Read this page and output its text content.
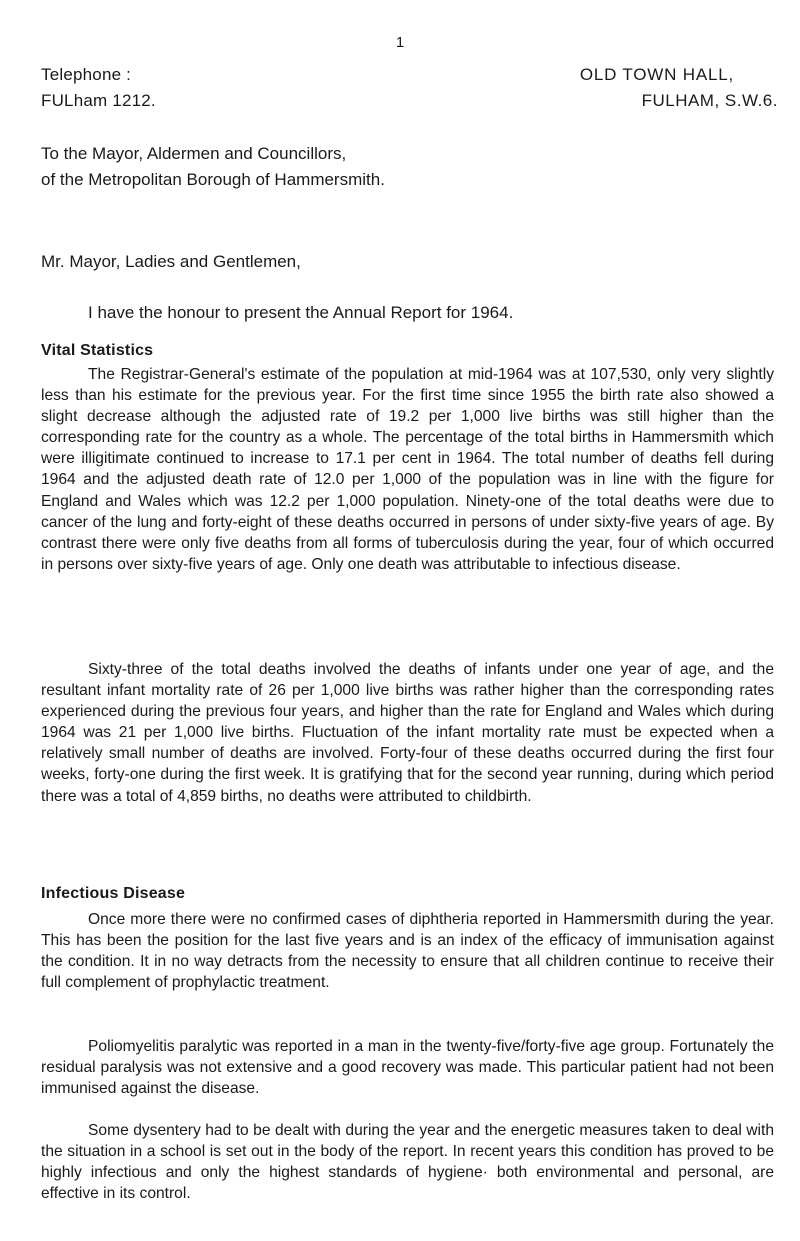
1
Telephone :
FULham 1212.
OLD TOWN HALL,
FULHAM, S.W.6.
To the Mayor, Aldermen and Councillors,
of the Metropolitan Borough of Hammersmith.
Mr. Mayor, Ladies and Gentlemen,
I have the honour to present the Annual Report for 1964.
Vital Statistics

The Registrar-General's estimate of the population at mid-1964 was at 107,530, only very slightly less than his estimate for the previous year. For the first time since 1955 the birth rate also showed a slight decrease although the adjusted rate of 19.2 per 1,000 live births was still higher than the corresponding rate for the country as a whole. The percentage of the total births in Hammersmith which were illigitimate continued to increase to 17.1 per cent in 1964. The total number of deaths fell during 1964 and the adjusted death rate of 12.0 per 1,000 of the population was in line with the figure for England and Wales which was 12.2 per 1,000 population. Ninety-one of the total deaths were due to cancer of the lung and forty-eight of these deaths occurred in persons of under sixty-five years of age. By contrast there were only five deaths from all forms of tuberculosis during the year, four of which occurred in persons over sixty-five years of age. Only one death was attributable to infectious disease.

Sixty-three of the total deaths involved the deaths of infants under one year of age, and the resultant infant mortality rate of 26 per 1,000 live births was rather higher than the corresponding rates experienced during the previous four years, and higher than the rate for England and Wales which during 1964 was 21 per 1,000 live births. Fluctuation of the infant mortality rate must be expected when a relatively small number of deaths are involved. Forty-four of these deaths occurred during the first four weeks, forty-one during the first week. It is gratifying that for the second year running, during which period there was a total of 4,859 births, no deaths were attributed to childbirth.

Infectious Disease

Once more there were no confirmed cases of diphtheria reported in Hammersmith during the year. This has been the position for the last five years and is an index of the efficacy of immunisation against the condition. It in no way detracts from the necessity to ensure that all children continue to receive their full complement of prophylactic treatment.

Poliomyelitis paralytic was reported in a man in the twenty-five/forty-five age group. Fortunately the residual paralysis was not extensive and a good recovery was made. This particular patient had not been immunised against the disease.

Some dysentery had to be dealt with during the year and the energetic measures taken to deal with the situation in a school is set out in the body of the report. In recent years this condition has proved to be highly infectious and only the highest standards of hygiene· both environmental and personal, are effective in its control.
